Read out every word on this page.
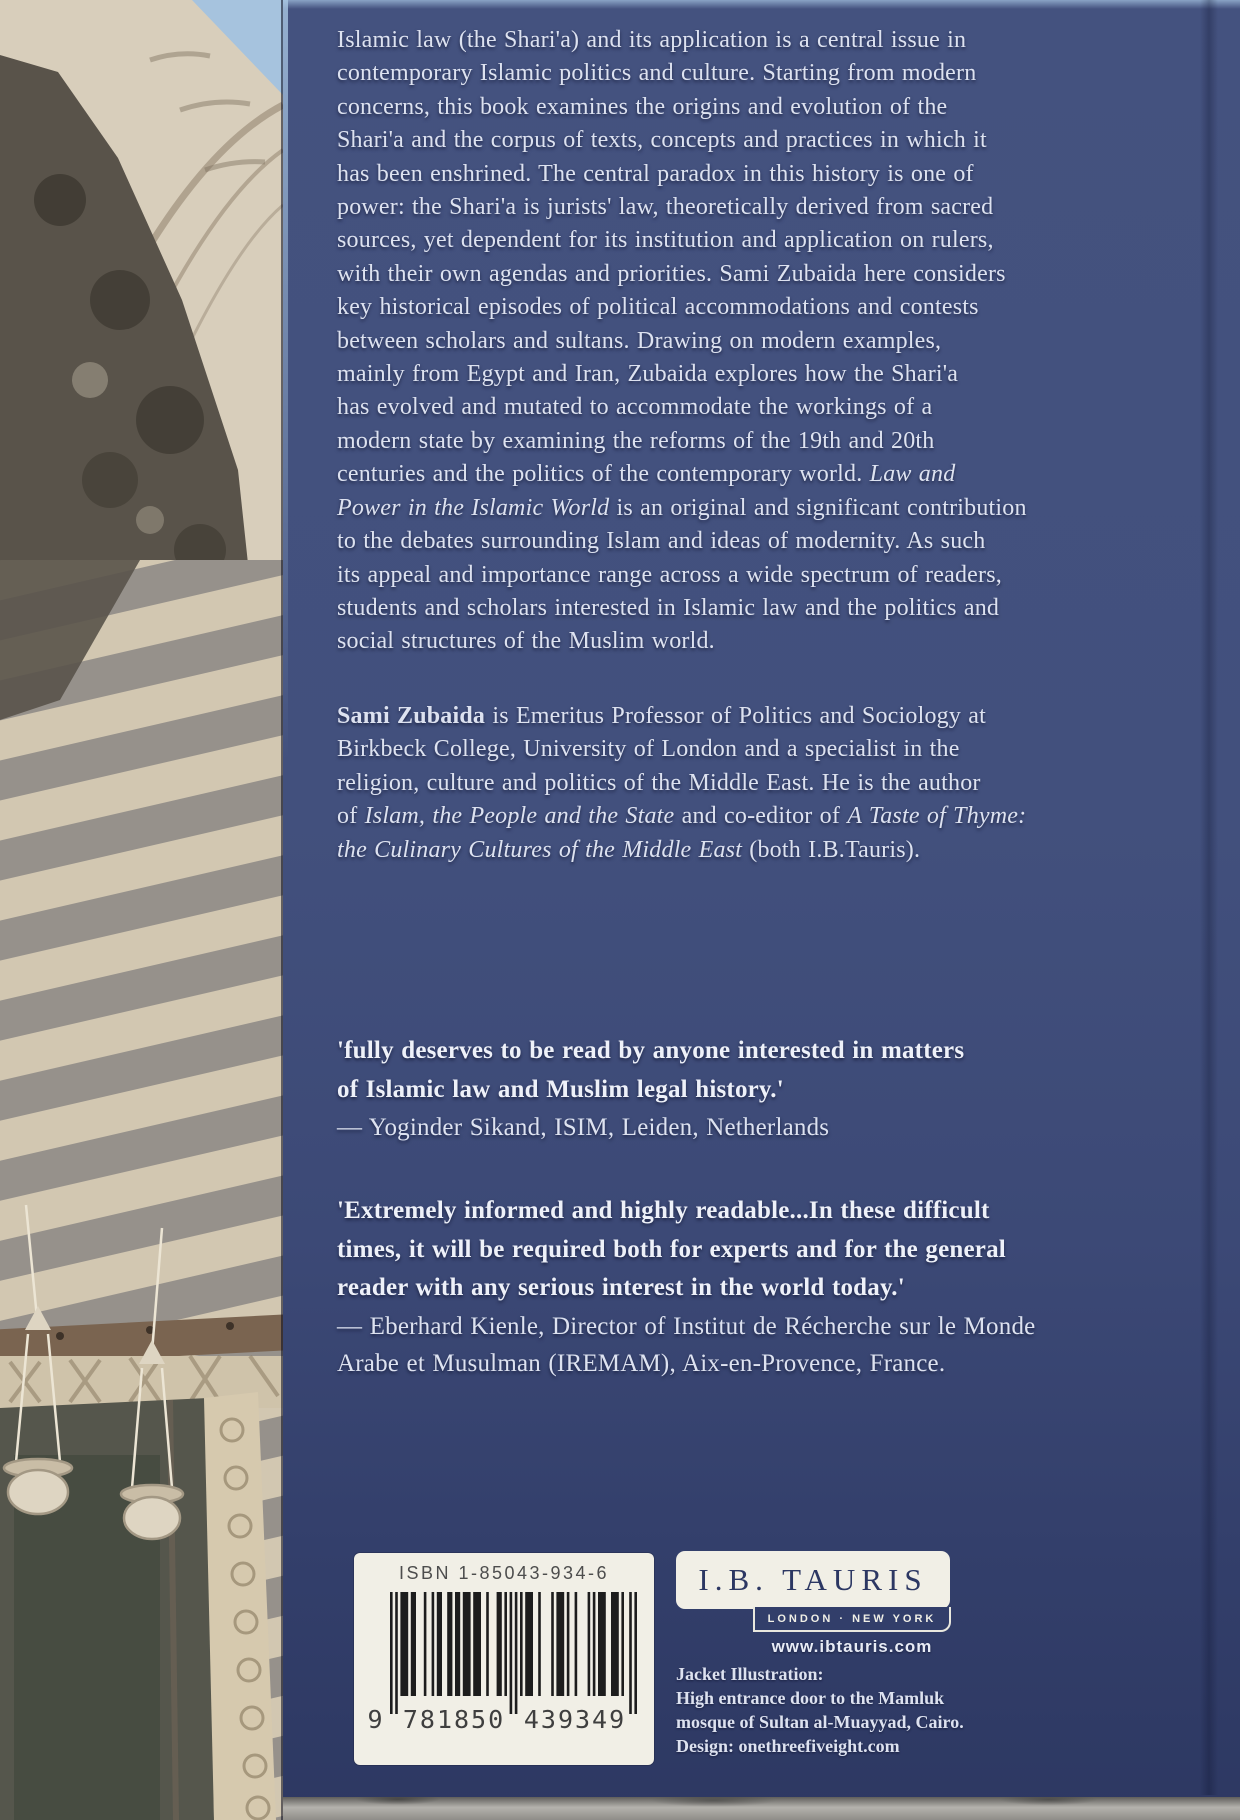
Islamic law (the Shari'a) and its application is a central issue in
contemporary Islamic politics and culture. Starting from modern
concerns, this book examines the origins and evolution of the
Shari'a and the corpus of texts, concepts and practices in which it
has been enshrined. The central paradox in this history is one of
power: the Shari'a is jurists' law, theoretically derived from sacred
sources, yet dependent for its institution and application on rulers,
with their own agendas and priorities. Sami Zubaida here considers
key historical episodes of political accommodations and contests
between scholars and sultans. Drawing on modern examples,
mainly from Egypt and Iran, Zubaida explores how the Shari'a
has evolved and mutated to accommodate the workings of a
modern state by examining the reforms of the 19th and 20th
centuries and the politics of the contemporary world. Law and
Power in the Islamic World is an original and significant contribution
to the debates surrounding Islam and ideas of modernity. As such
its appeal and importance range across a wide spectrum of readers,
students and scholars interested in Islamic law and the politics and
social structures of the Muslim world.
Sami Zubaida is Emeritus Professor of Politics and Sociology at
Birkbeck College, University of London and a specialist in the
religion, culture and politics of the Middle East. He is the author
of Islam, the People and the State and co-editor of A Taste of Thyme:
the Culinary Cultures of the Middle East (both I.B.Tauris).
'fully deserves to be read by anyone interested in matters
of Islamic law and Muslim legal history.'
— Yoginder Sikand, ISIM, Leiden, Netherlands
'Extremely informed and highly readable...In these difficult
times, it will be required both for experts and for the general
reader with any serious interest in the world today.'
— Eberhard Kienle, Director of Institut de Récherche sur le Monde
Arabe et Musulman (IREMAM), Aix-en-Provence, France.
ISBN 1-85043-934-6
9 781850 439349
I.B. TAURIS
LONDON · NEW YORK
www.ibtauris.com
Jacket Illustration:
High entrance door to the Mamluk
mosque of Sultan al-Muayyad, Cairo.
Design: onethreefiveight.com
